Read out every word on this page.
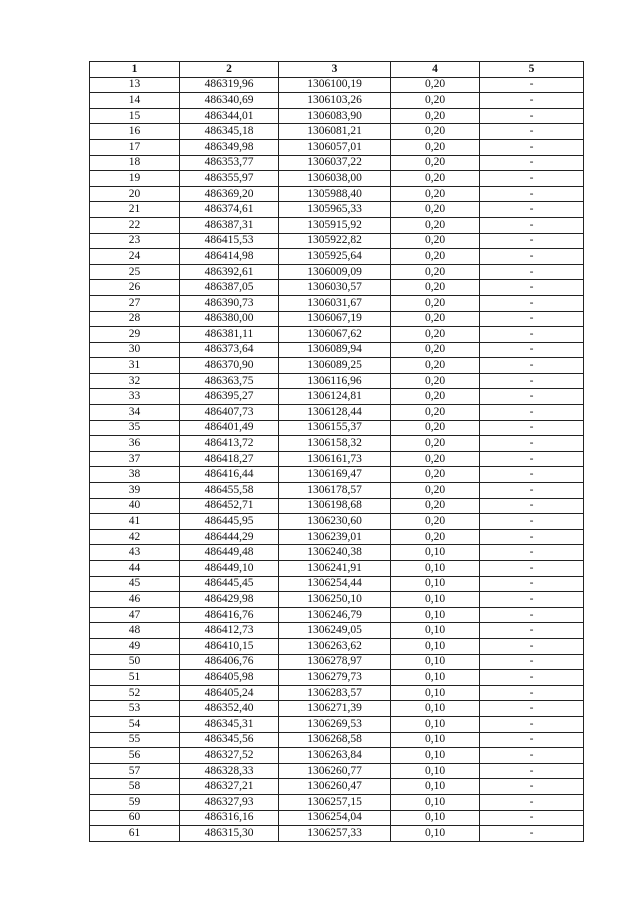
1	2	3	4	5
13	486319,96	1306100,19	0,20	-
14	486340,69	1306103,26	0,20	-
15	486344,01	1306083,90	0,20	-
16	486345,18	1306081,21	0,20	-
17	486349,98	1306057,01	0,20	-
18	486353,77	1306037,22	0,20	-
19	486355,97	1306038,00	0,20	-
20	486369,20	1305988,40	0,20	-
21	486374,61	1305965,33	0,20	-
22	486387,31	1305915,92	0,20	-
23	486415,53	1305922,82	0,20	-
24	486414,98	1305925,64	0,20	-
25	486392,61	1306009,09	0,20	-
26	486387,05	1306030,57	0,20	-
27	486390,73	1306031,67	0,20	-
28	486380,00	1306067,19	0,20	-
29	486381,11	1306067,62	0,20	-
30	486373,64	1306089,94	0,20	-
31	486370,90	1306089,25	0,20	-
32	486363,75	1306116,96	0,20	-
33	486395,27	1306124,81	0,20	-
34	486407,73	1306128,44	0,20	-
35	486401,49	1306155,37	0,20	-
36	486413,72	1306158,32	0,20	-
37	486418,27	1306161,73	0,20	-
38	486416,44	1306169,47	0,20	-
39	486455,58	1306178,57	0,20	-
40	486452,71	1306198,68	0,20	-
41	486445,95	1306230,60	0,20	-
42	486444,29	1306239,01	0,20	-
43	486449,48	1306240,38	0,10	-
44	486449,10	1306241,91	0,10	-
45	486445,45	1306254,44	0,10	-
46	486429,98	1306250,10	0,10	-
47	486416,76	1306246,79	0,10	-
48	486412,73	1306249,05	0,10	-
49	486410,15	1306263,62	0,10	-
50	486406,76	1306278,97	0,10	-
51	486405,98	1306279,73	0,10	-
52	486405,24	1306283,57	0,10	-
53	486352,40	1306271,39	0,10	-
54	486345,31	1306269,53	0,10	-
55	486345,56	1306268,58	0,10	-
56	486327,52	1306263,84	0,10	-
57	486328,33	1306260,77	0,10	-
58	486327,21	1306260,47	0,10	-
59	486327,93	1306257,15	0,10	-
60	486316,16	1306254,04	0,10	-
61	486315,30	1306257,33	0,10	-
